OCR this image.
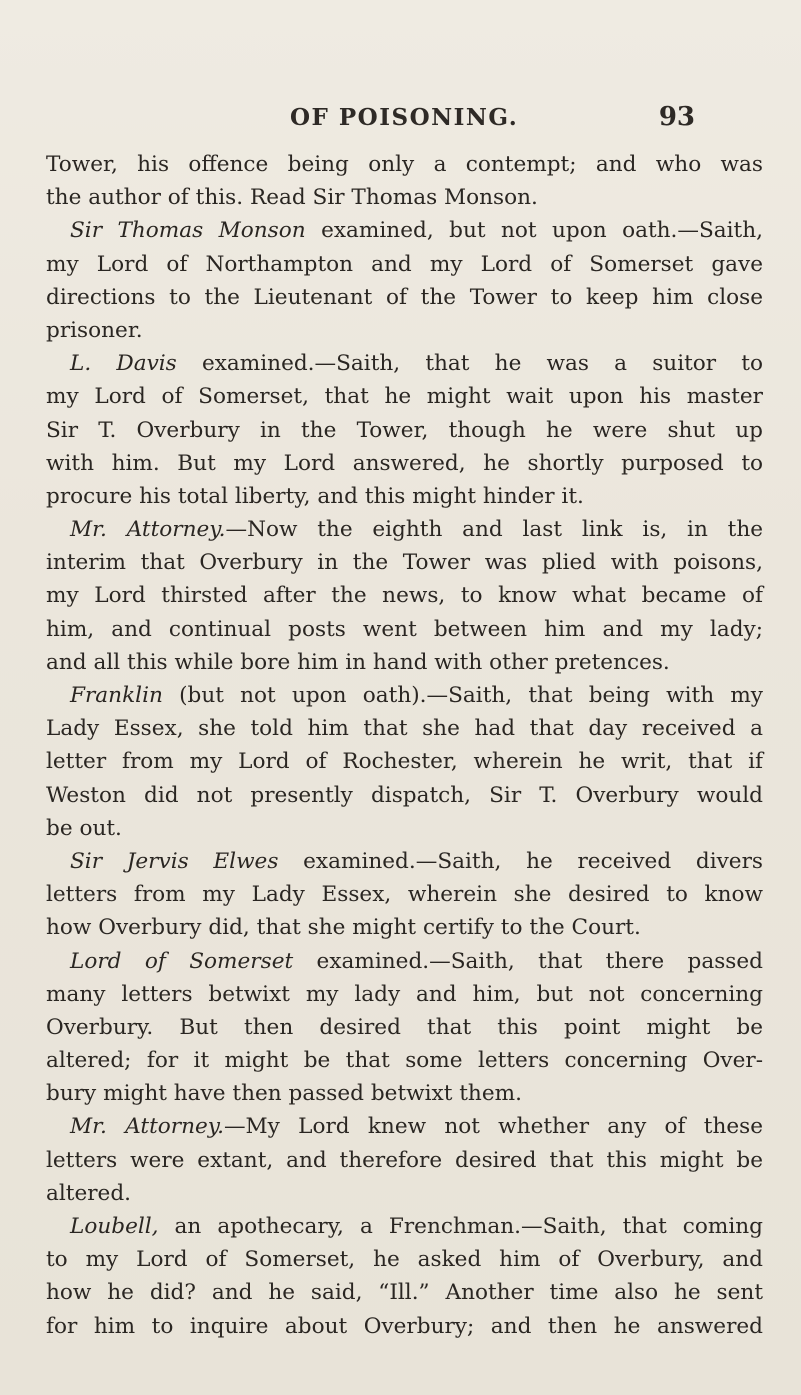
OF POISONING.	93
Tower, his offence being only a contempt; and who was
the author of this. Read Sir Thomas Monson.
Sir Thomas Monson examined, but not upon oath.—Saith,
my Lord of Northampton and my Lord of Somerset gave
directions to the Lieutenant of the Tower to keep him close
prisoner.
L. Davis examined.—Saith, that he was a suitor to
my Lord of Somerset, that he might wait upon his master
Sir T. Overbury in the Tower, though he were shut up
with him. But my Lord answered, he shortly purposed to
procure his total liberty, and this might hinder it.
Mr. Attorney.—Now the eighth and last link is, in the
interim that Overbury in the Tower was plied with poisons,
my Lord thirsted after the news, to know what became of
him, and continual posts went between him and my lady;
and all this while bore him in hand with other pretences.
Franklin (but not upon oath).—Saith, that being with my
Lady Essex, she told him that she had that day received a
letter from my Lord of Rochester, wherein he writ, that if
Weston did not presently dispatch, Sir T. Overbury would
be out.
Sir Jervis Elwes examined.—Saith, he received divers
letters from my Lady Essex, wherein she desired to know
how Overbury did, that she might certify to the Court.
Lord of Somerset examined.—Saith, that there passed
many letters betwixt my lady and him, but not concerning
Overbury. But then desired that this point might be
altered; for it might be that some letters concerning Over-
bury might have then passed betwixt them.
Mr. Attorney.—My Lord knew not whether any of these
letters were extant, and therefore desired that this might be
altered.
Loubell, an apothecary, a Frenchman.—Saith, that coming
to my Lord of Somerset, he asked him of Overbury, and
how he did? and he said, “Ill.” Another time also he sent
for him to inquire about Overbury; and then he answered
